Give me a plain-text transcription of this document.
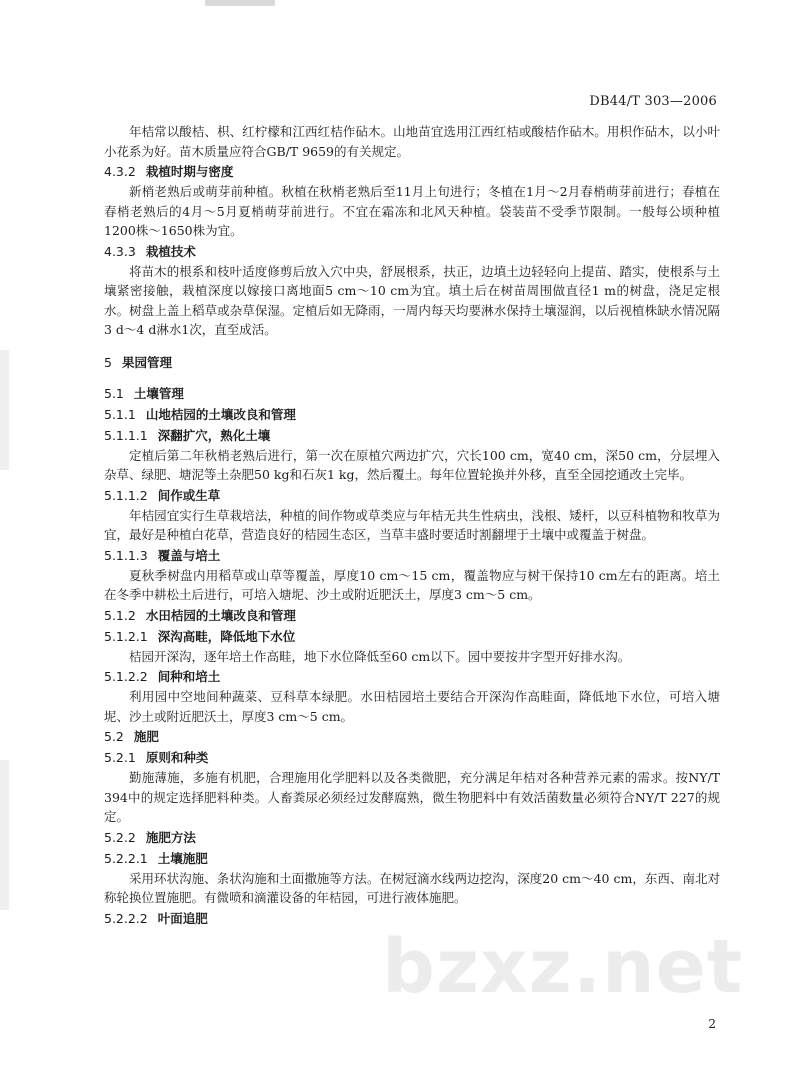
DB44/T 303—2006

年桔常以酸桔、枳、红柠檬和江西红桔作砧木。山地苗宜选用江西红桔或酸桔作砧木。用枳作砧木，以小叶小花系为好。苗木质量应符合GB/T 9659的有关规定。

4.3.2 栽植时期与密度

新梢老熟后或萌芽前种植。秋植在秋梢老熟后至11月上旬进行；冬植在1月～2月春梢萌芽前进行；春植在春梢老熟后的4月～5月夏梢萌芽前进行。不宜在霜冻和北风天种植。袋装苗不受季节限制。一般每公顷种植1200株～1650株为宜。

4.3.3 栽植技术

将苗木的根系和枝叶适度修剪后放入穴中央，舒展根系，扶正，边填土边轻轻向上提苗、踏实，使根系与土壤紧密接触，栽植深度以嫁接口离地面5 cm～10 cm为宜。填土后在树苗周围做直径1 m的树盘，浇足定根水。树盘上盖上稻草或杂草保湿。定植后如无降雨，一周内每天均要淋水保持土壤湿润，以后视植株缺水情况隔3 d～4 d淋水1次，直至成活。

5 果园管理
5.1 土壤管理
5.1.1 山地桔园的土壤改良和管理
5.1.1.1 深翻扩穴，熟化土壤

定植后第二年秋梢老熟后进行，第一次在原植穴两边扩穴，穴长100 cm，宽40 cm，深50 cm，分层埋入杂草、绿肥、塘泥等土杂肥50 kg和石灰1 kg，然后覆土。每年位置轮换并外移，直至全园挖通改土完毕。

5.1.1.2 间作或生草

年桔园宜实行生草栽培法，种植的间作物或草类应与年桔无共生性病虫，浅根、矮杆，以豆科植物和牧草为宜，最好是种植白花草，营造良好的桔园生态区，当草丰盛时要适时割翻埋于土壤中或覆盖于树盘。

5.1.1.3 覆盖与培土

夏秋季树盘内用稻草或山草等覆盖，厚度10 cm～15 cm，覆盖物应与树干保持10 cm左右的距离。培土在冬季中耕松土后进行，可培入塘坭、沙土或附近肥沃土，厚度3 cm～5 cm。

5.1.2 水田桔园的土壤改良和管理
5.1.2.1 深沟高畦，降低地下水位

桔园开深沟，逐年培土作高畦，地下水位降低至60 cm以下。园中要按井字型开好排水沟。

5.1.2.2 间种和培土

利用园中空地间种蔬菜、豆科草本绿肥。水田桔园培土要结合开深沟作高畦面，降低地下水位，可培入塘坭、沙土或附近肥沃土，厚度3 cm～5 cm。

5.2 施肥
5.2.1 原则和种类

勤施薄施，多施有机肥，合理施用化学肥料以及各类微肥，充分满足年桔对各种营养元素的需求。按NY/T 394中的规定选择肥料种类。人畜粪尿必须经过发酵腐熟，微生物肥料中有效活菌数量必须符合NY/T 227的规定。

5.2.2 施肥方法
5.2.2.1 土壤施肥

采用环状沟施、条状沟施和土面撒施等方法。在树冠滴水线两边挖沟，深度20 cm～40 cm，东西、南北对称轮换位置施肥。有微喷和滴灌设备的年桔园，可进行液体施肥。

5.2.2.2 叶面追肥
bzxz.net
2
